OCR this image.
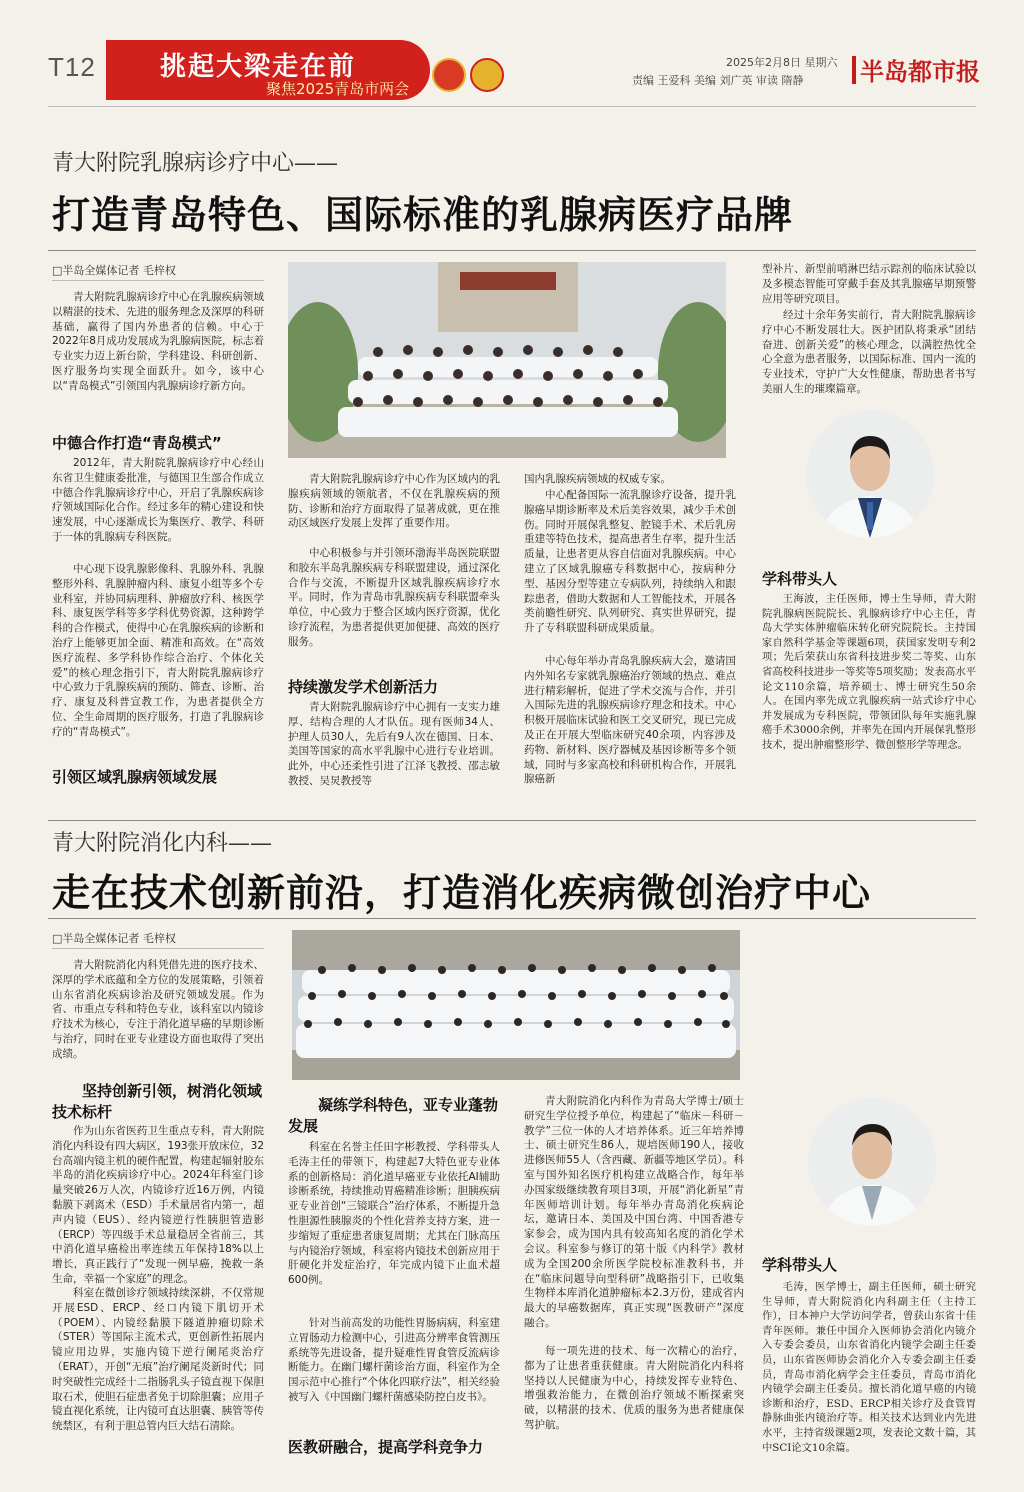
T12 挑起大梁走在前
聚焦2025青岛市两会
2025年2月8日 星期六
责编 王爱科 美编 刘广英 审读 隋静 半岛都市报
青大附院乳腺病诊疗中心——
打造青岛特色、国际标准的乳腺病医疗品牌
□半岛全媒体记者 毛梓权
青大附院乳腺病诊疗中心在乳腺疾病领域以精湛的技术、先进的服务理念及深厚的科研基础，赢得了国内外患者的信赖。中心于2022年8月成功发展成为乳腺病医院，标志着专业实力迈上新台阶，学科建设、科研创新、医疗服务均实现全面跃升。如今，该中心以“青岛模式”引领国内乳腺病诊疗新方向。
中德合作打造“青岛模式”
2012年，青大附院乳腺病诊疗中心经山东省卫生健康委批准，与德国卫生部合作成立中德合作乳腺病诊疗中心，开启了乳腺疾病诊疗领域国际化合作。经过多年的精心建设和快速发展，中心逐渐成长为集医疗、教学、科研于一体的乳腺病专科医院。
中心现下设乳腺影像科、乳腺外科、乳腺整形外科、乳腺肿瘤内科、康复小组等多个专业科室，并协同病理科、肿瘤放疗科、核医学科、康复医学科等多学科优势资源，这种跨学科的合作模式，使得中心在乳腺疾病的诊断和治疗上能够更加全面、精准和高效。在“高效医疗流程、多学科协作综合治疗、个体化关爱”的核心理念指引下，青大附院乳腺病诊疗中心致力于乳腺疾病的预防、筛查、诊断、治疗、康复及科普宣教工作，为患者提供全方位、全生命周期的医疗服务，打造了乳腺病诊疗的“青岛模式”。
引领区域乳腺病领域发展
青大附院乳腺病诊疗中心作为区域内的乳腺疾病领域的领航者，不仅在乳腺疾病的预防、诊断和治疗方面取得了显著成就，更在推动区域医疗发展上发挥了重要作用。
中心积极参与并引领环渤海半岛医院联盟和胶东半岛乳腺疾病专科联盟建设，通过深化合作与交流，不断提升区域乳腺疾病诊疗水平。同时，作为青岛市乳腺疾病专科联盟牵头单位，中心致力于整合区域内医疗资源，优化诊疗流程，为患者提供更加便捷、高效的医疗服务。
持续激发学术创新活力
青大附院乳腺病诊疗中心拥有一支实力雄厚、结构合理的人才队伍。现有医师34人、护理人员30人，先后有9人次在德国、日本、美国等国家的高水平乳腺中心进行专业培训。此外，中心还柔性引进了江泽飞教授、邵志敏教授、吴炅教授等
国内乳腺疾病领域的权威专家。
中心配备国际一流乳腺诊疗设备，提升乳腺癌早期诊断率及术后美容效果，减少手术创伤。同时开展保乳整复、腔镜手术、术后乳房重建等特色技术，提高患者生存率，提升生活质量，让患者更从容自信面对乳腺疾病。中心建立了区域乳腺癌专科数据中心，按病种分型、基因分型等建立专病队列，持续纳入和跟踪患者，借助大数据和人工智能技术，开展各类前瞻性研究、队列研究、真实世界研究，提升了专科联盟科研成果质量。
中心每年举办青岛乳腺疾病大会，邀请国内外知名专家就乳腺癌治疗领域的热点、难点进行精彩解析，促进了学术交流与合作，并引入国际先进的乳腺疾病诊疗理念和技术。中心积极开展临床试验和医工交叉研究，现已完成及正在开展大型临床研究40余项，内容涉及药物、新材料、医疗器械及基因诊断等多个领域，同时与多家高校和科研机构合作，开展乳腺癌新
型补片、新型前哨淋巴结示踪剂的临床试验以及多模态智能可穿戴手套及其乳腺癌早期预警应用等研究项目。
经过十余年务实前行，青大附院乳腺病诊疗中心不断发展壮大。医护团队将秉承“团结奋进、创新关爱”的核心理念，以满腔热忱全心全意为患者服务，以国际标准、国内一流的专业技术，守护广大女性健康，帮助患者书写美丽人生的璀璨篇章。
学科带头人
王海波，主任医师，博士生导师，青大附院乳腺病医院院长、乳腺病诊疗中心主任，青岛大学实体肿瘤临床转化研究院院长。主持国家自然科学基金等课题6项，获国家发明专利2项；先后荣获山东省科技进步奖二等奖、山东省高校科技进步一等奖等5项奖励；发表高水平论文110余篇，培养硕士、博士研究生50余人。在国内率先成立乳腺疾病一站式诊疗中心并发展成为专科医院，带领团队每年实施乳腺癌手术3000余例，并率先在国内开展保乳整形技术，提出肿瘤整形学、微创整形学等理念。
青大附院消化内科——
走在技术创新前沿，打造消化疾病微创治疗中心
□半岛全媒体记者 毛梓权
青大附院消化内科凭借先进的医疗技术、深厚的学术底蕴和全方位的发展策略，引领着山东省消化疾病诊治及研究领域发展。作为省、市重点专科和特色专业，该科室以内镜诊疗技术为核心，专注于消化道早癌的早期诊断与治疗，同时在亚专业建设方面也取得了突出成绩。
坚持创新引领，树消化领域技术标杆
作为山东省医药卫生重点专科，青大附院消化内科设有四大病区，193张开放床位，32台高端内镜主机的硬件配置，构建起辐射胶东半岛的消化疾病诊疗中心。2024年科室门诊量突破26万人次，内镜诊疗近16万例，内镜黏膜下剥离术（ESD）手术量居省内第一，超声内镜（EUS）、经内镜逆行性胰胆管造影（ERCP）等四级手术总量稳居全省前三，其中消化道早癌检出率连续五年保持18%以上增长，真正践行了“发现一例早癌，挽救一条生命，幸福一个家庭”的理念。
科室在微创诊疗领域持续深耕，不仅常规开展ESD、ERCP、经口内镜下肌切开术（POEM）、内镜经黏膜下隧道肿瘤切除术（STER）等国际主流术式，更创新性拓展内镜应用边界，实施内镜下逆行阑尾炎治疗（ERAT），开创“无痕”治疗阑尾炎新时代；同时突破性完成经十二指肠乳头子镜直视下保胆取石术，使胆石症患者免于切除胆囊；应用子镜直视化系统，让内镜可直达胆囊、胰管等传统禁区，有利于胆总管内巨大结石清除。
凝练学科特色，亚专业蓬勃发展
科室在名誉主任田字彬教授、学科带头人毛涛主任的带领下，构建起7大特色亚专业体系的创新格局：消化道早癌亚专业依托AI辅助诊断系统，持续推动胃癌精准诊断；胆胰疾病亚专业首创“三镜联合”治疗体系，不断提升急性胆源性胰腺炎的个性化营养支持方案，进一步缩短了重症患者康复周期；尤其在门脉高压与内镜治疗领域，科室将内镜技术创新应用于肝硬化并发症治疗，年完成内镜下止血术超600例。
针对当前高发的功能性胃肠病病，科室建立胃肠动力检测中心，引进高分辨率食管测压系统等先进设备，提升疑难性胃食管反流病诊断能力。在幽门螺杆菌诊治方面，科室作为全国示范中心推行“个体化四联疗法”，相关经验被写入《中国幽门螺杆菌感染防控白皮书》。
医教研融合，提高学科竞争力
青大附院消化内科作为青岛大学博士/硕士研究生学位授予单位，构建起了“临床－科研－教学”三位一体的人才培养体系。近三年培养博士、硕士研究生86人，规培医师190人，接收进修医师55人（含西藏、新疆等地区学员）。科室与国外知名医疗机构建立战略合作，每年举办国家级继续教育项目3项，开展“消化新星”青年医师培训计划。每年举办青岛消化疾病论坛，邀请日本、美国及中国台湾、中国香港专家参会，成为国内具有较高知名度的消化学术会议。科室参与修订的第十版《内科学》教材成为全国200余所医学院校标准教科书，并在“临床问题导向型科研”战略指引下，已收集生物样本库消化道肿瘤标本2.3万份，建成省内最大的早癌数据库，真正实现“医教研产”深度融合。
每一项先进的技术、每一次精心的治疗，都为了让患者重获健康。青大附院消化内科将坚持以人民健康为中心，持续发挥专业特色、增强救治能力，在微创治疗领域不断探索突破，以精湛的技术、优质的服务为患者健康保驾护航。
学科带头人
毛涛，医学博士，副主任医师，硕士研究生导师，青大附院消化内科副主任（主持工作），日本神户大学访问学者，曾获山东省十佳青年医师。兼任中国介入医师协会消化内镜介入专委会委员，山东省消化内镜学会副主任委员，山东省医师协会消化介入专委会副主任委员，青岛市消化病学会主任委员，青岛市消化内镜学会副主任委员。擅长消化道早癌的内镜诊断和治疗，ESD、ERCP相关诊疗及食管胃静脉曲张内镜治疗等。相关技术达到业内先进水平，主持省级课题2项，发表论文数十篇，其中SCI论文10余篇。
